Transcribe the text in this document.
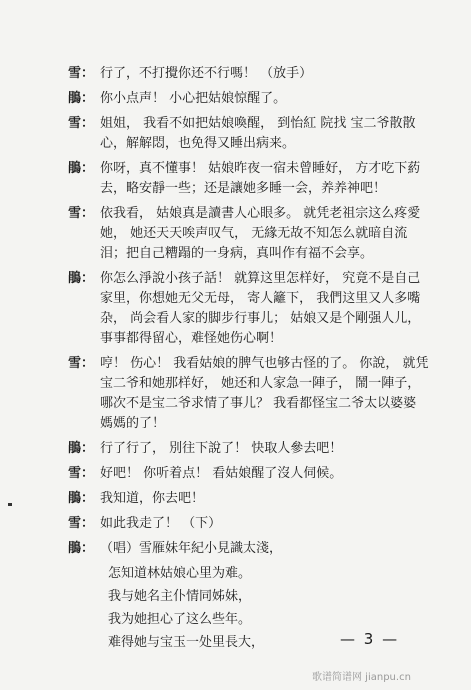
雪： 行了，不打攪你还不行嗎！ （放手）
鵑： 你小点声！ 小心把姑娘惊醒了。
雪： 姐姐， 我看不如把姑娘喚醒， 到怡紅 院找 宝二爷散散
心，解解悶，也免得又睡出病来。
鵑： 你呀，真不懂事！ 姑娘昨夜一宿未曾睡好， 方才吃下葯
去，略安靜一些；还是讓她多睡一会，养养神吧！
雪： 依我看， 姑娘真是讀書人心眼多。 就凭老祖宗这么疼愛
她， 她还天天唉声叹气， 无緣无故不知怎么就暗自流
泪；把自己糟蹋的一身病，真叫作有福不会享。
鵑： 你怎么淨說小孩子話！ 就算这里怎样好， 究竟不是自己
家里，你想她无父无母， 寄人籬下， 我們这里又人多嘴
杂， 尚会看人家的脚步行事儿； 姑娘又是个剛强人儿，
事事都得留心，难怪她伤心啊！
雪： 哼！ 伤心！ 我看姑娘的脾气也够古怪的了。 你說， 就凭
宝二爷和她那样好， 她还和人家急一陣子， 鬧一陣子，
哪次不是宝二爷求情了事儿？ 我看都怪宝二爷太以婆婆
媽媽的了！
鵑： 行了行了， 別往下說了！ 快取人參去吧！
雪： 好吧！ 你听着点！ 看姑娘醒了沒人伺候。
鵑： 我知道，你去吧！
雪： 如此我走了！ （下）
鵑： （唱）雪雁妹年紀小見識太淺，
怎知道林姑娘心里为难。
我与她名主仆情同姊妹，
我为她担心了这么些年。
难得她与宝玉一处里長大，	— 3 —
歌谱简谱网 jianpu.cn
